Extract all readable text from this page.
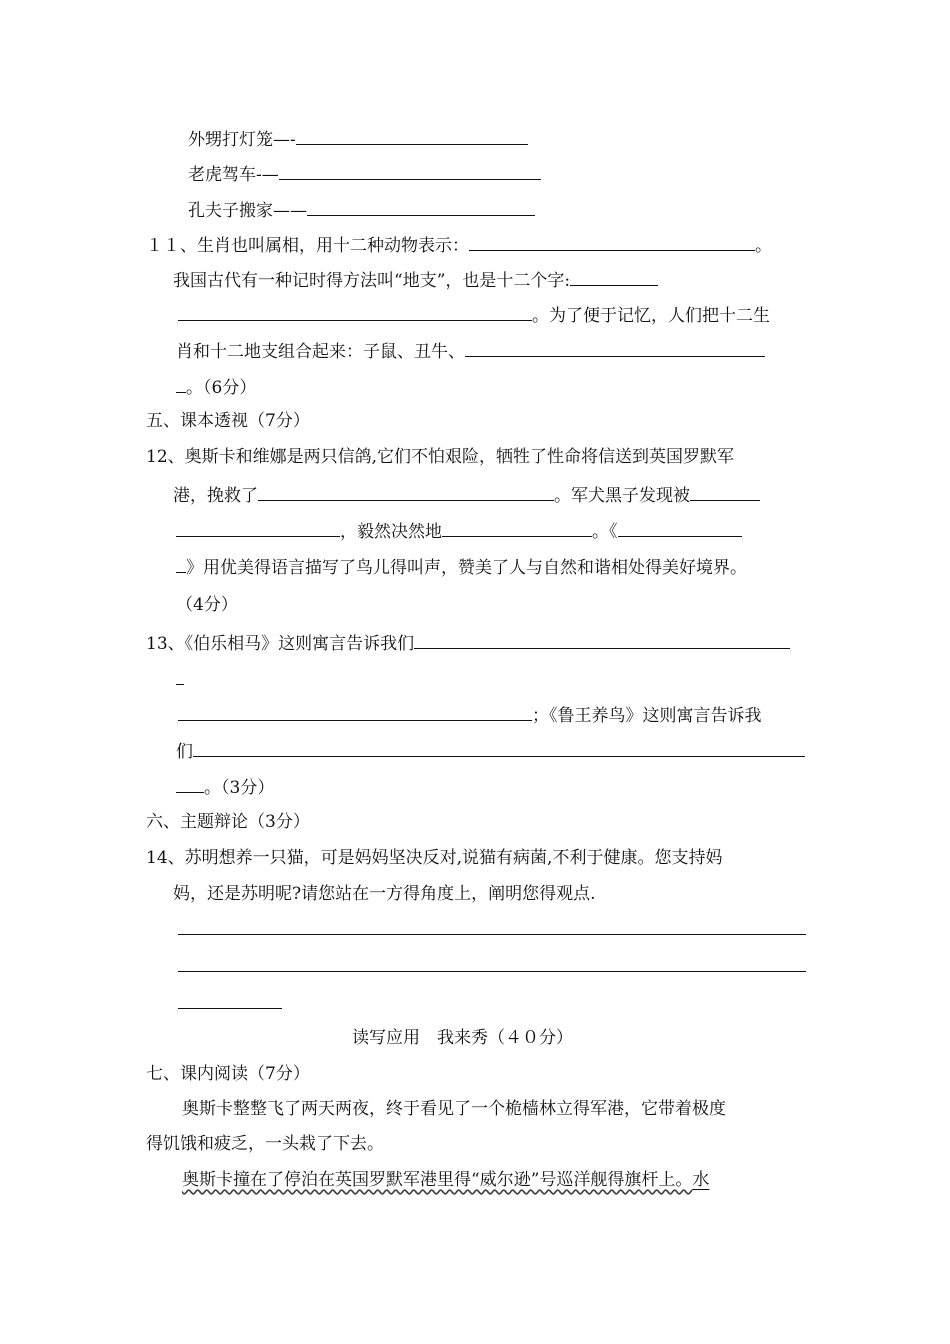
外甥打灯笼—-
老虎驾车-—
孔夫子搬家——
１１、生肖也叫属相，用十二种动物表示：	。
我国古代有一种记时得方法叫“地支”，也是十二个字:
。为了便于记忆，人们把十二生
肖和十二地支组合起来：子鼠、丑牛、
。（6分）
五、课本透视（7分）
12、奥斯卡和维娜是两只信鸽,它们不怕艰险，牺牲了性命将信送到英国罗默军
港，挽救了	。军犬黑子发现被
，毅然决然地	。《
》用优美得语言描写了鸟儿得叫声，赞美了人与自然和谐相处得美好境界。
（4分）
13、《伯乐相马》这则寓言告诉我们
；《鲁王养鸟》这则寓言告诉我
们
。（3分）
六、主题辩论（3分）
14、苏明想养一只猫，可是妈妈坚决反对,说猫有病菌,不利于健康。您支持妈
妈，还是苏明呢?请您站在一方得角度上，阐明您得观点.
读写应用　我来秀（４０分）
七、课内阅读（7分）
奥斯卡整整飞了两天两夜，终于看见了一个桅樯林立得军港，它带着极度
得饥饿和疲乏，一头栽了下去。
奥斯卡撞在了停泊在英国罗默军港里得“威尔逊”号巡洋舰得旗杆上。水
